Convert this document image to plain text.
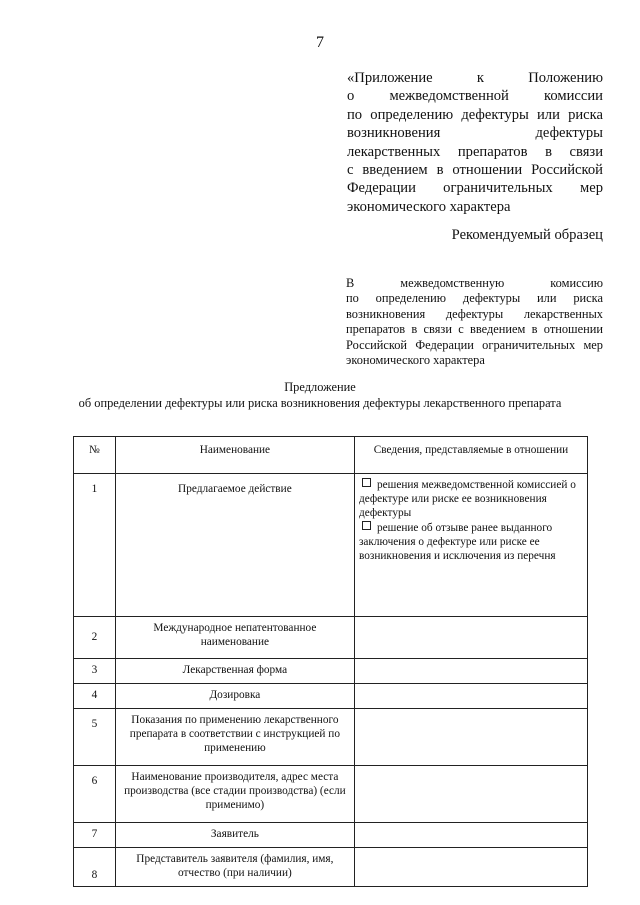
7
«Приложение к Положению
о межведомственной комиссии
по определению дефектуры или риска
возникновения дефектуры
лекарственных препаратов в связи
с введением в отношении Российской
Федерации ограничительных мер
экономического характера
Рекомендуемый образец
В межведомственную комиссию
по определению дефектуры или риска
возникновения дефектуры лекарственных
препаратов в связи с введением в отношении
Российской Федерации ограничительных мер
экономического характера
Предложение
об определении дефектуры или риска возникновения дефектуры лекарственного препарата
№	Наименование	Сведения, представляемые в отношении
1	Предлагаемое действие	решения межведомственной комиссией о дефектуре или риске ее возникновения дефектуры
решение об отзыве ранее выданного заключения о дефектуре или риске ее возникновения и исключения из перечня

2	Международное непатентованное наименование	
3	Лекарственная форма	
4	Дозировка	
5	Показания по применению лекарственного препарата в соответствии с инструкцией по применению	
6	Наименование производителя, адрес места производства (все стадии производства) (если применимо)	
7	Заявитель	
8	Представитель заявителя (фамилия, имя, отчество (при наличии)	
